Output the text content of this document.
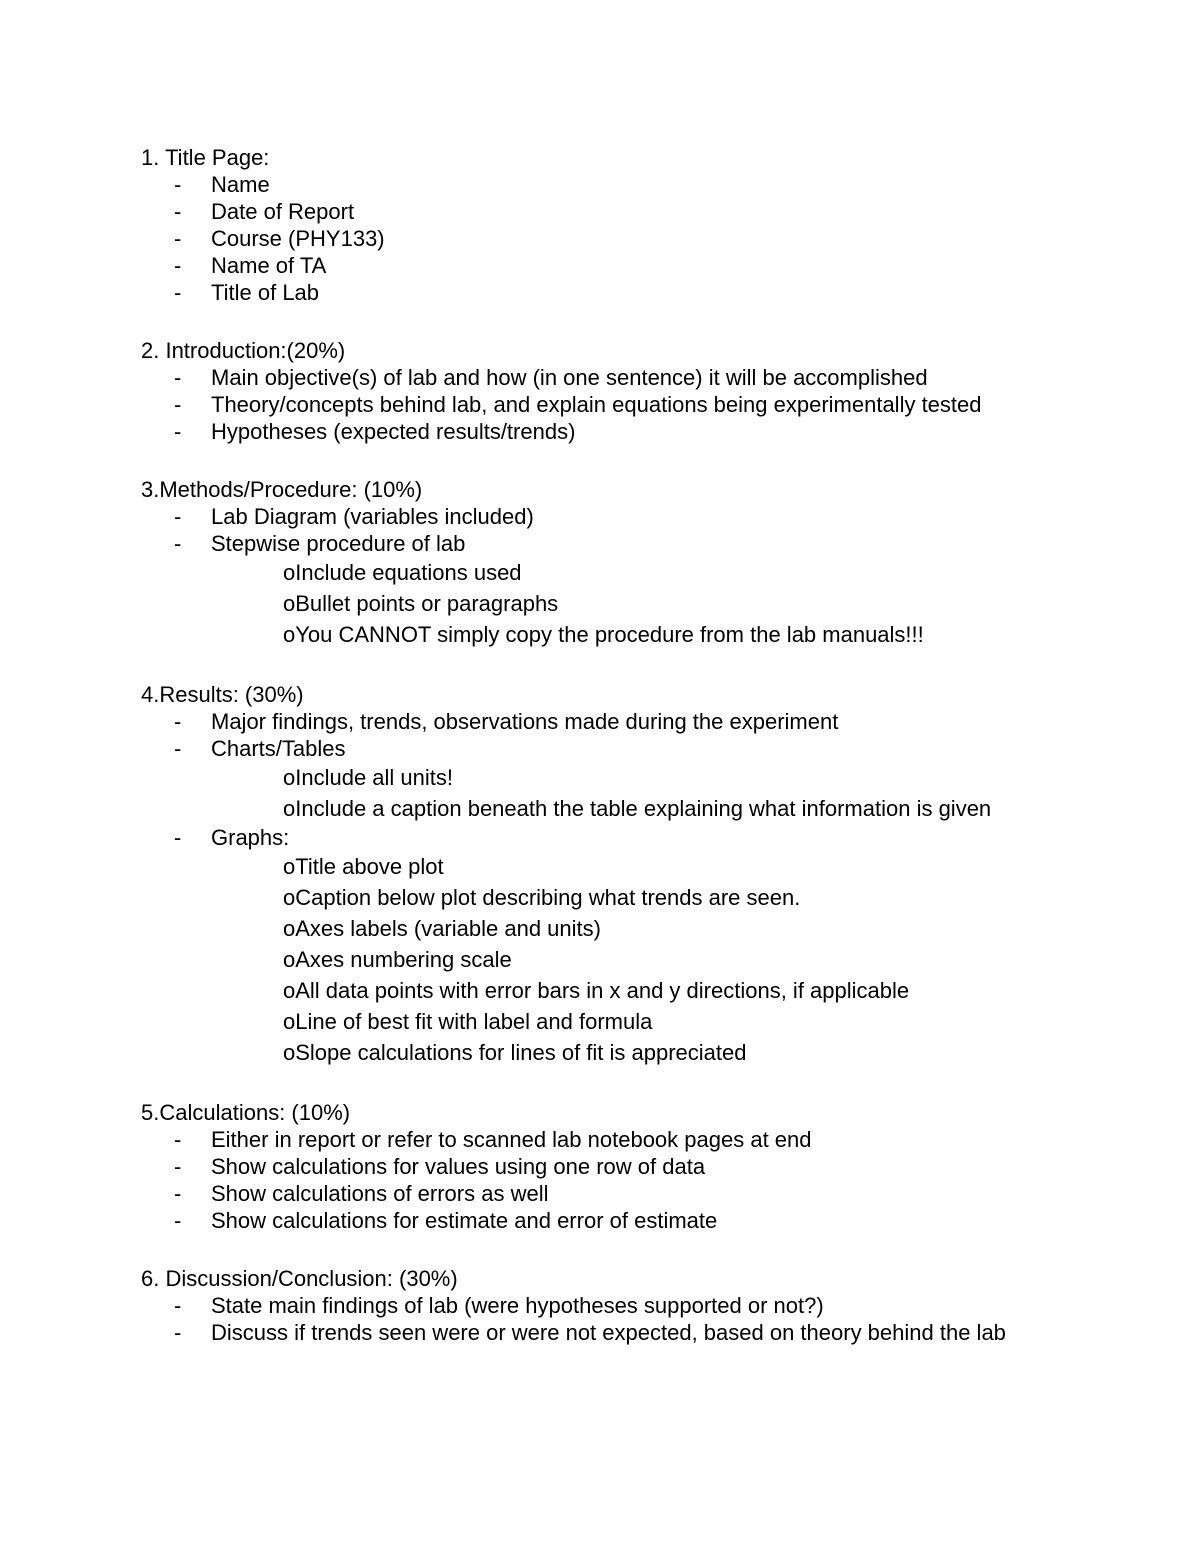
1. Title Page:
- Name
- Date of Report
- Course (PHY133)
- Name of TA
- Title of Lab
2. Introduction:(20%)
- Main objective(s) of lab and how (in one sentence) it will be accomplished
- Theory/concepts behind lab, and explain equations being experimentally tested
- Hypotheses (expected results/trends)
3.Methods/Procedure: (10%)
- Lab Diagram (variables included)
- Stepwise procedure of lab
oInclude equations used
oBullet points or paragraphs
oYou CANNOT simply copy the procedure from the lab manuals!!!
4.Results: (30%)
- Major findings, trends, observations made during the experiment
- Charts/Tables
oInclude all units!
oInclude a caption beneath the table explaining what information is given
- Graphs:
oTitle above plot
oCaption below plot describing what trends are seen.
oAxes labels (variable and units)
oAxes numbering scale
oAll data points with error bars in x and y directions, if applicable
oLine of best fit with label and formula
oSlope calculations for lines of fit is appreciated
5.Calculations: (10%)
- Either in report or refer to scanned lab notebook pages at end
- Show calculations for values using one row of data
- Show calculations of errors as well
- Show calculations for estimate and error of estimate
6. Discussion/Conclusion: (30%)
- State main findings of lab (were hypotheses supported or not?)
- Discuss if trends seen were or were not expected, based on theory behind the lab
